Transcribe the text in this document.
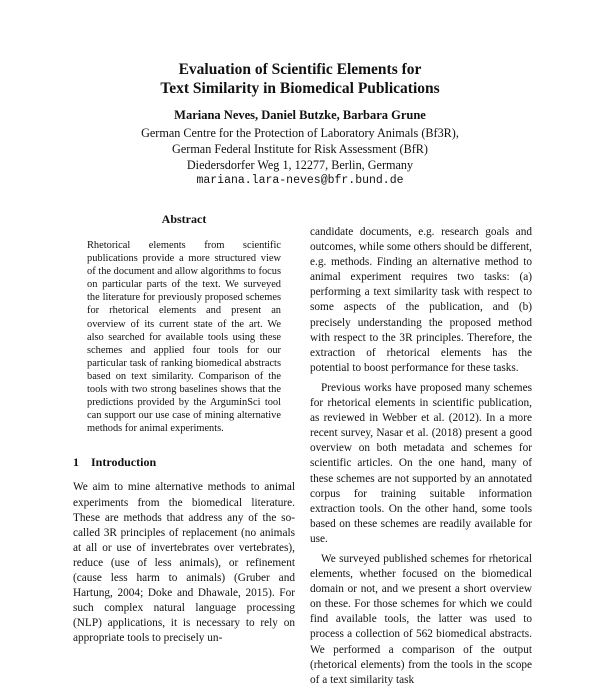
Evaluation of Scientific Elements for
Text Similarity in Biomedical Publications
Mariana Neves, Daniel Butzke, Barbara Grune
German Centre for the Protection of Laboratory Animals (Bf3R),
German Federal Institute for Risk Assessment (BfR)
Diedersdorfer Weg 1, 12277, Berlin, Germany
mariana.lara-neves@bfr.bund.de
Abstract

Rhetorical elements from scientific publications provide a more structured view of the document and allow algorithms to focus on particular parts of the text. We surveyed the literature for previously proposed schemes for rhetorical elements and present an overview of its current state of the art. We also searched for available tools using these schemes and applied four tools for our particular task of ranking biomedical abstracts based on text similarity. Comparison of the tools with two strong baselines shows that the predictions provided by the ArguminSci tool can support our use case of mining alternative methods for animal experiments.

1 Introduction

We aim to mine alternative methods to animal experiments from the biomedical literature. These are methods that address any of the so-called 3R principles of replacement (no animals at all or use of invertebrates over vertebrates), reduce (use of less animals), or refinement (cause less harm to animals) (Gruber and Hartung, 2004; Doke and Dhawale, 2015). For such complex natural language processing (NLP) applications, it is necessary to rely on appropriate tools to precisely un-

candidate documents, e.g. research goals and outcomes, while some others should be different, e.g. methods. Finding an alternative method to animal experiment requires two tasks: (a) performing a text similarity task with respect to some aspects of the publication, and (b) precisely understanding the proposed method with respect to the 3R principles. Therefore, the extraction of rhetorical elements has the potential to boost performance for these tasks.

Previous works have proposed many schemes for rhetorical elements in scientific publication, as reviewed in Webber et al. (2012). In a more recent survey, Nasar et al. (2018) present a good overview on both metadata and schemes for scientific articles. On the one hand, many of these schemes are not supported by an annotated corpus for training suitable information extraction tools. On the other hand, some tools based on these schemes are readily available for use.

We surveyed published schemes for rhetorical elements, whether focused on the biomedical domain or not, and we present a short overview on these. For those schemes for which we could find available tools, the latter was used to process a collection of 562 biomedical abstracts. We performed a comparison of the output (rhetorical elements) from the tools in the scope of a text similarity task
